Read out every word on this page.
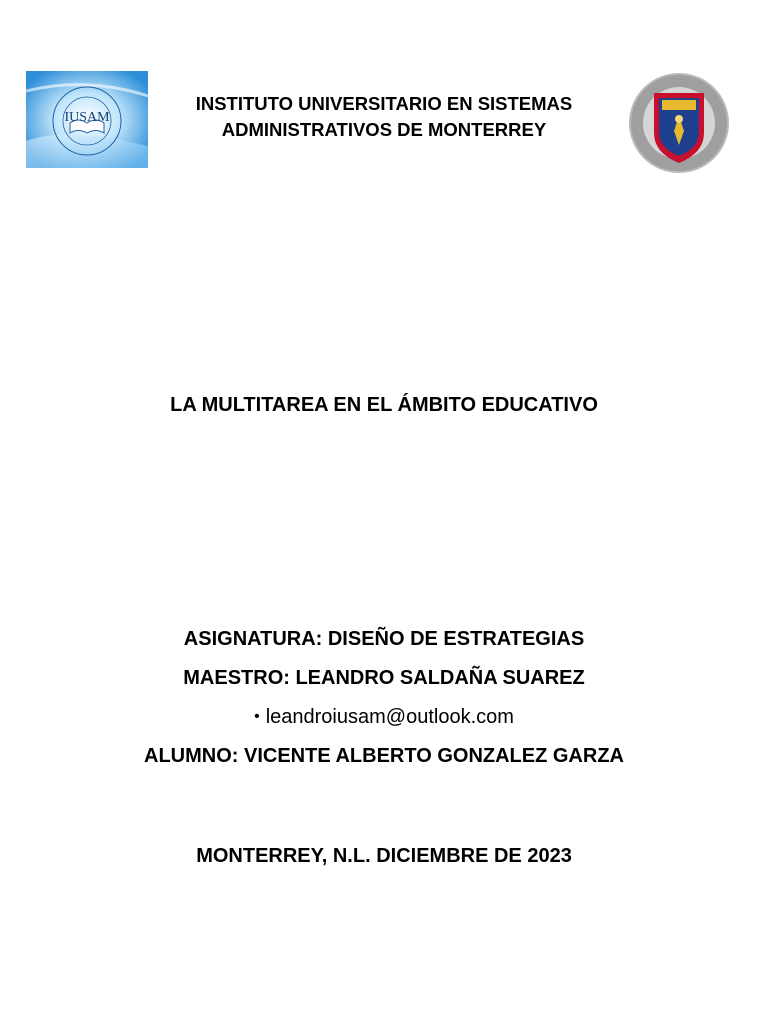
IUSAM
· · ·
INSTITUTO UNIVERSITARIO EN SISTEMAS
ADMINISTRATIVOS DE MONTERREY
LA MULTITAREA EN EL ÁMBITO EDUCATIVO
ASIGNATURA: DISEÑO DE ESTRATEGIAS
MAESTRO: LEANDRO SALDAÑA SUAREZ
• leandroiusam@outlook.com
ALUMNO: VICENTE ALBERTO GONZALEZ GARZA
MONTERREY, N.L. DICIEMBRE DE 2023
